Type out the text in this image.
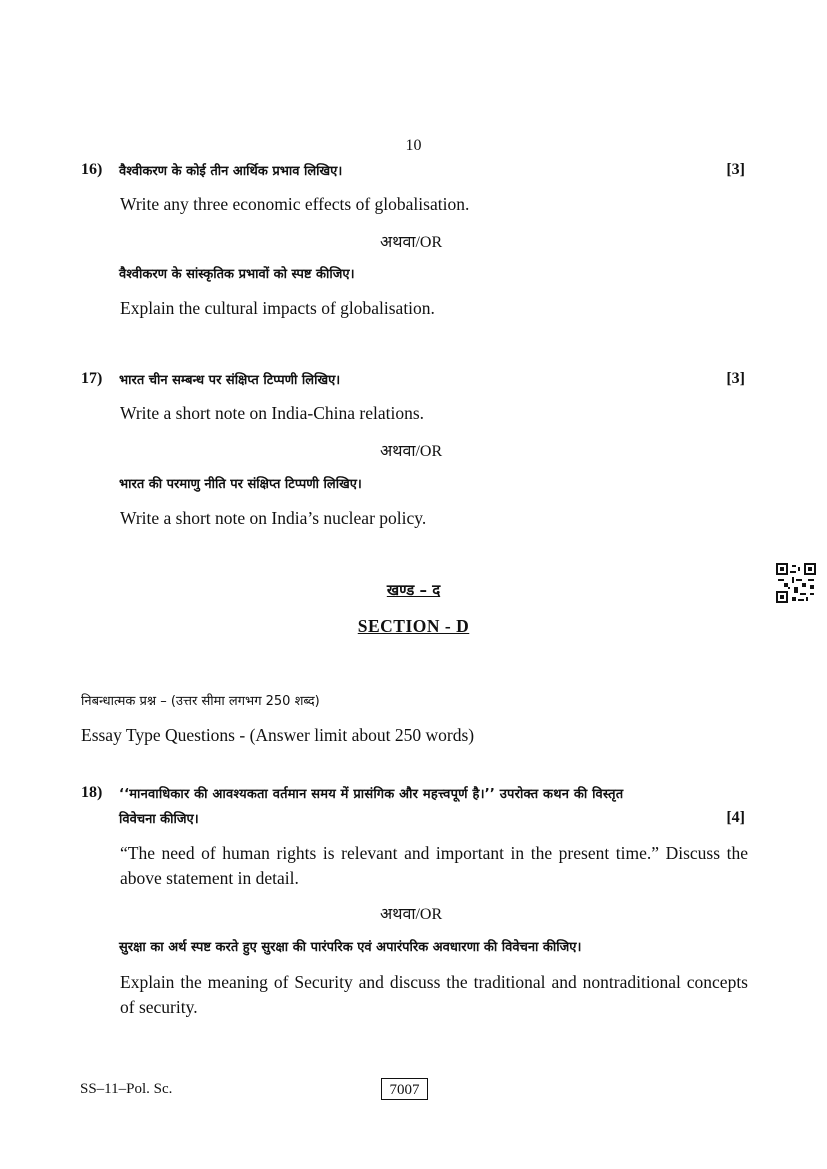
10
16) वैश्वीकरण के कोई तीन आर्थिक प्रभाव लिखिए।	[3]
Write any three economic effects of globalisation.
अथवा/OR
वैश्वीकरण के सांस्कृतिक प्रभावों को स्पष्ट कीजिए।
Explain the cultural impacts of globalisation.
17) भारत चीन सम्बन्ध पर संक्षिप्त टिप्पणी लिखिए।	[3]
Write a short note on India-China relations.
अथवा/OR
भारत की परमाणु नीति पर संक्षिप्त टिप्पणी लिखिए।
Write a short note on India’s nuclear policy.
खण्ड – द
SECTION - D
निबन्धात्मक प्रश्न – (उत्तर सीमा लगभग 250 शब्द)
Essay Type Questions - (Answer limit about 250 words)
18) ‘‘मानवाधिकार की आवश्यकता वर्तमान समय में प्रासंगिक और महत्त्वपूर्ण है।’’ उपरोक्त कथन की विस्तृत
विवेचना कीजिए।	[4]
“The need of human rights is relevant and important in the present time.” Discuss the above statement in detail.
अथवा/OR
सुरक्षा का अर्थ स्पष्ट करते हुए सुरक्षा की पारंपरिक एवं अपारंपरिक अवधारणा की विवेचना कीजिए।
Explain the meaning of Security and discuss the traditional and nontraditional concepts of security.
SS–11–Pol. Sc.	7007
